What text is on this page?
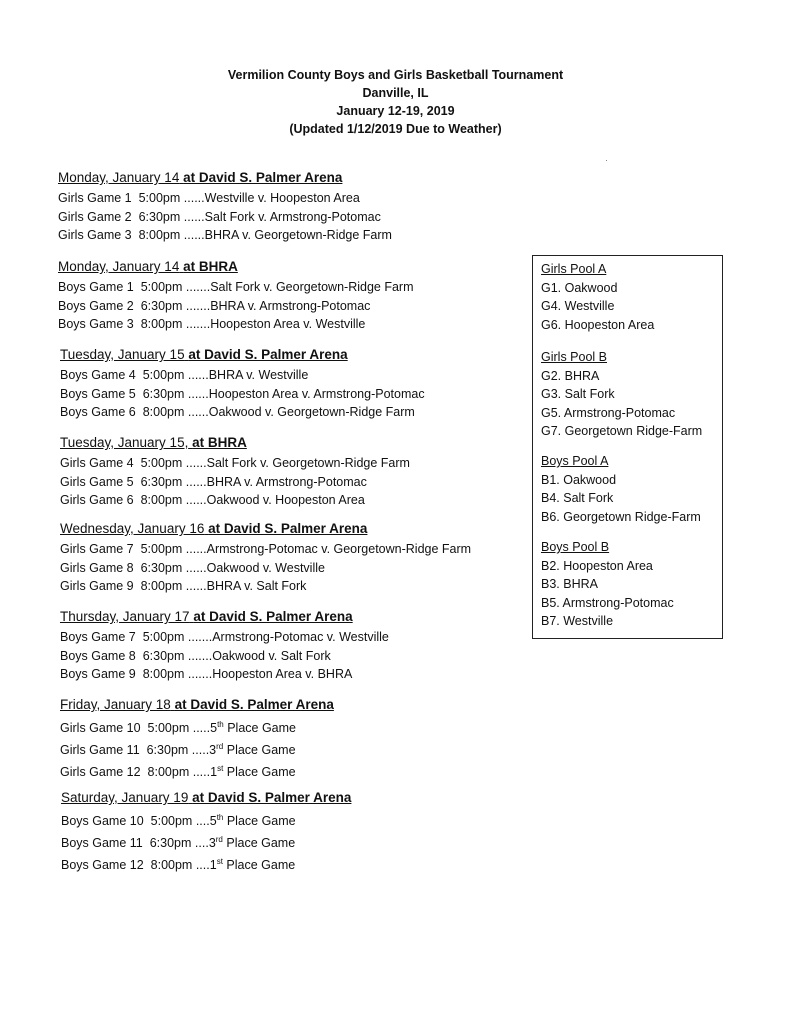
Vermilion County Boys and Girls Basketball Tournament
Danville, IL
January 12-19, 2019
(Updated 1/12/2019 Due to Weather)
Monday, January 14 at David S. Palmer Arena
Girls Game 1 5:00pm ......Westville v. Hoopeston Area
Girls Game 2 6:30pm ......Salt Fork v. Armstrong-Potomac
Girls Game 3 8:00pm ......BHRA v. Georgetown-Ridge Farm
Monday, January 14 at BHRA
Boys Game 1 5:00pm .......Salt Fork v. Georgetown-Ridge Farm
Boys Game 2 6:30pm .......BHRA v. Armstrong-Potomac
Boys Game 3 8:00pm .......Hoopeston Area v. Westville
Tuesday, January 15 at David S. Palmer Arena
Boys Game 4 5:00pm ......BHRA v. Westville
Boys Game 5 6:30pm ......Hoopeston Area v. Armstrong-Potomac
Boys Game 6 8:00pm ......Oakwood v. Georgetown-Ridge Farm
Tuesday, January 15, at BHRA
Girls Game 4 5:00pm ......Salt Fork v. Georgetown-Ridge Farm
Girls Game 5 6:30pm ......BHRA v. Armstrong-Potomac
Girls Game 6 8:00pm ......Oakwood v. Hoopeston Area
Wednesday, January 16 at David S. Palmer Arena
Girls Game 7 5:00pm ......Armstrong-Potomac v. Georgetown-Ridge Farm
Girls Game 8 6:30pm ......Oakwood v. Westville
Girls Game 9 8:00pm ......BHRA v. Salt Fork
Thursday, January 17 at David S. Palmer Arena
Boys Game 7 5:00pm .......Armstrong-Potomac v. Westville
Boys Game 8 6:30pm .......Oakwood v. Salt Fork
Boys Game 9 8:00pm .......Hoopeston Area v. BHRA
Friday, January 18 at David S. Palmer Arena
Girls Game 10 5:00pm .....5th Place Game
Girls Game 11 6:30pm .....3rd Place Game
Girls Game 12 8:00pm .....1st Place Game
Saturday, January 19 at David S. Palmer Arena
Boys Game 10 5:00pm ....5th Place Game
Boys Game 11 6:30pm ....3rd Place Game
Boys Game 12 8:00pm ....1st Place Game
Girls Pool A
G1. Oakwood
G4. Westville
G6. Hoopeston Area
Girls Pool B
G2. BHRA
G3. Salt Fork
G5. Armstrong-Potomac
G7. Georgetown Ridge-Farm
Boys Pool A
B1. Oakwood
B4. Salt Fork
B6. Georgetown Ridge-Farm
Boys Pool B
B2. Hoopeston Area
B3. BHRA
B5. Armstrong-Potomac
B7. Westville
